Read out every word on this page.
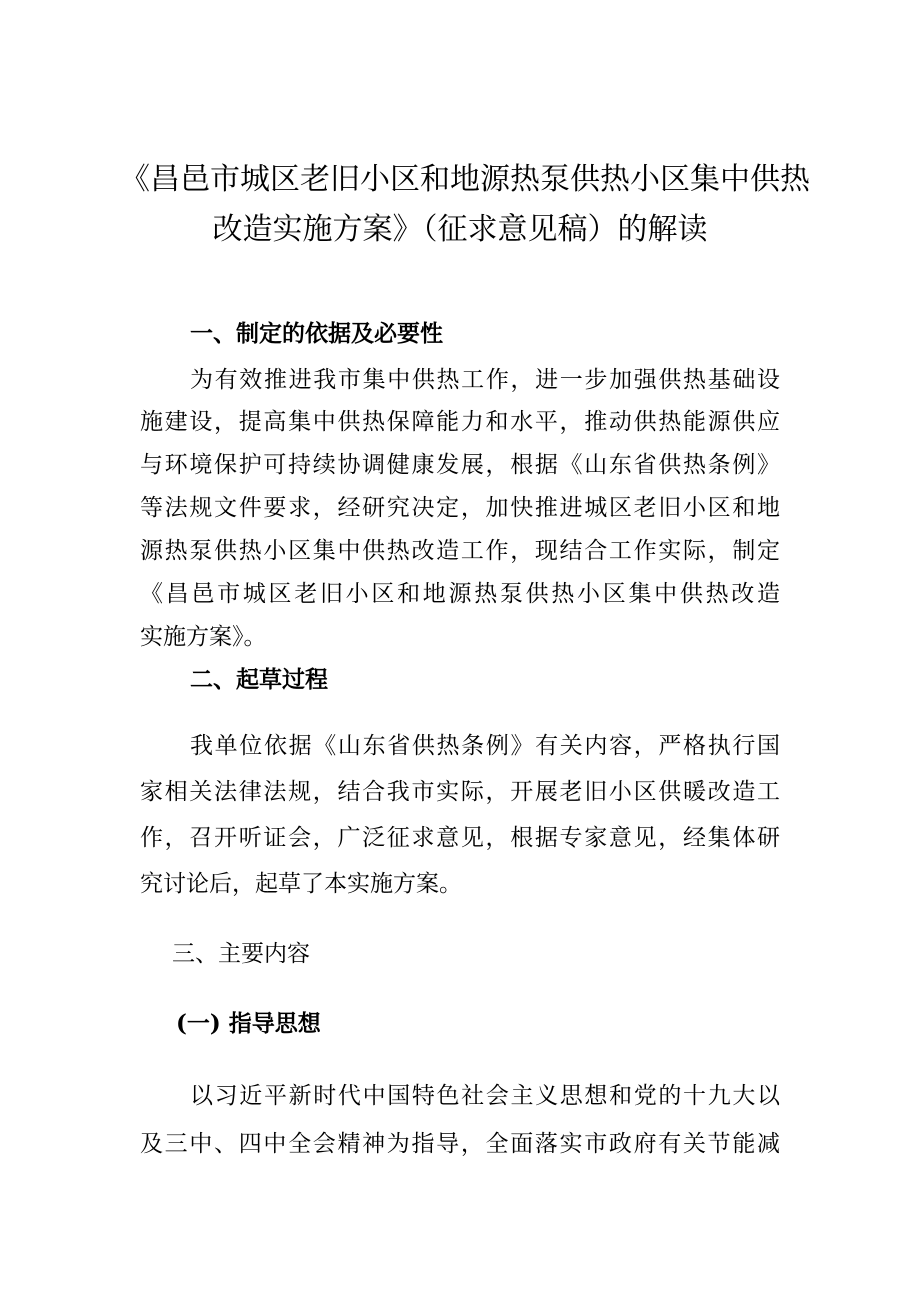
《昌邑市城区老旧小区和地源热泵供热小区集中供热
改造实施方案》（征求意见稿）的解读
一、制定的依据及必要性

为有效推进我市集中供热工作，进一步加强供热基础设

施建设，提高集中供热保障能力和水平，推动供热能源供应

与环境保护可持续协调健康发展，根据《山东省供热条例》

等法规文件要求，经研究决定，加快推进城区老旧小区和地

源热泵供热小区集中供热改造工作，现结合工作实际，制定

《昌邑市城区老旧小区和地源热泵供热小区集中供热改造

实施方案》。

二、起草过程

我单位依据《山东省供热条例》有关内容，严格执行国

家相关法律法规，结合我市实际，开展老旧小区供暖改造工

作，召开听证会，广泛征求意见，根据专家意见，经集体研

究讨论后，起草了本实施方案。

三、主要内容
(一) 指导思想

以习近平新时代中国特色社会主义思想和党的十九大以

及三中、四中全会精神为指导，全面落实市政府有关节能减
